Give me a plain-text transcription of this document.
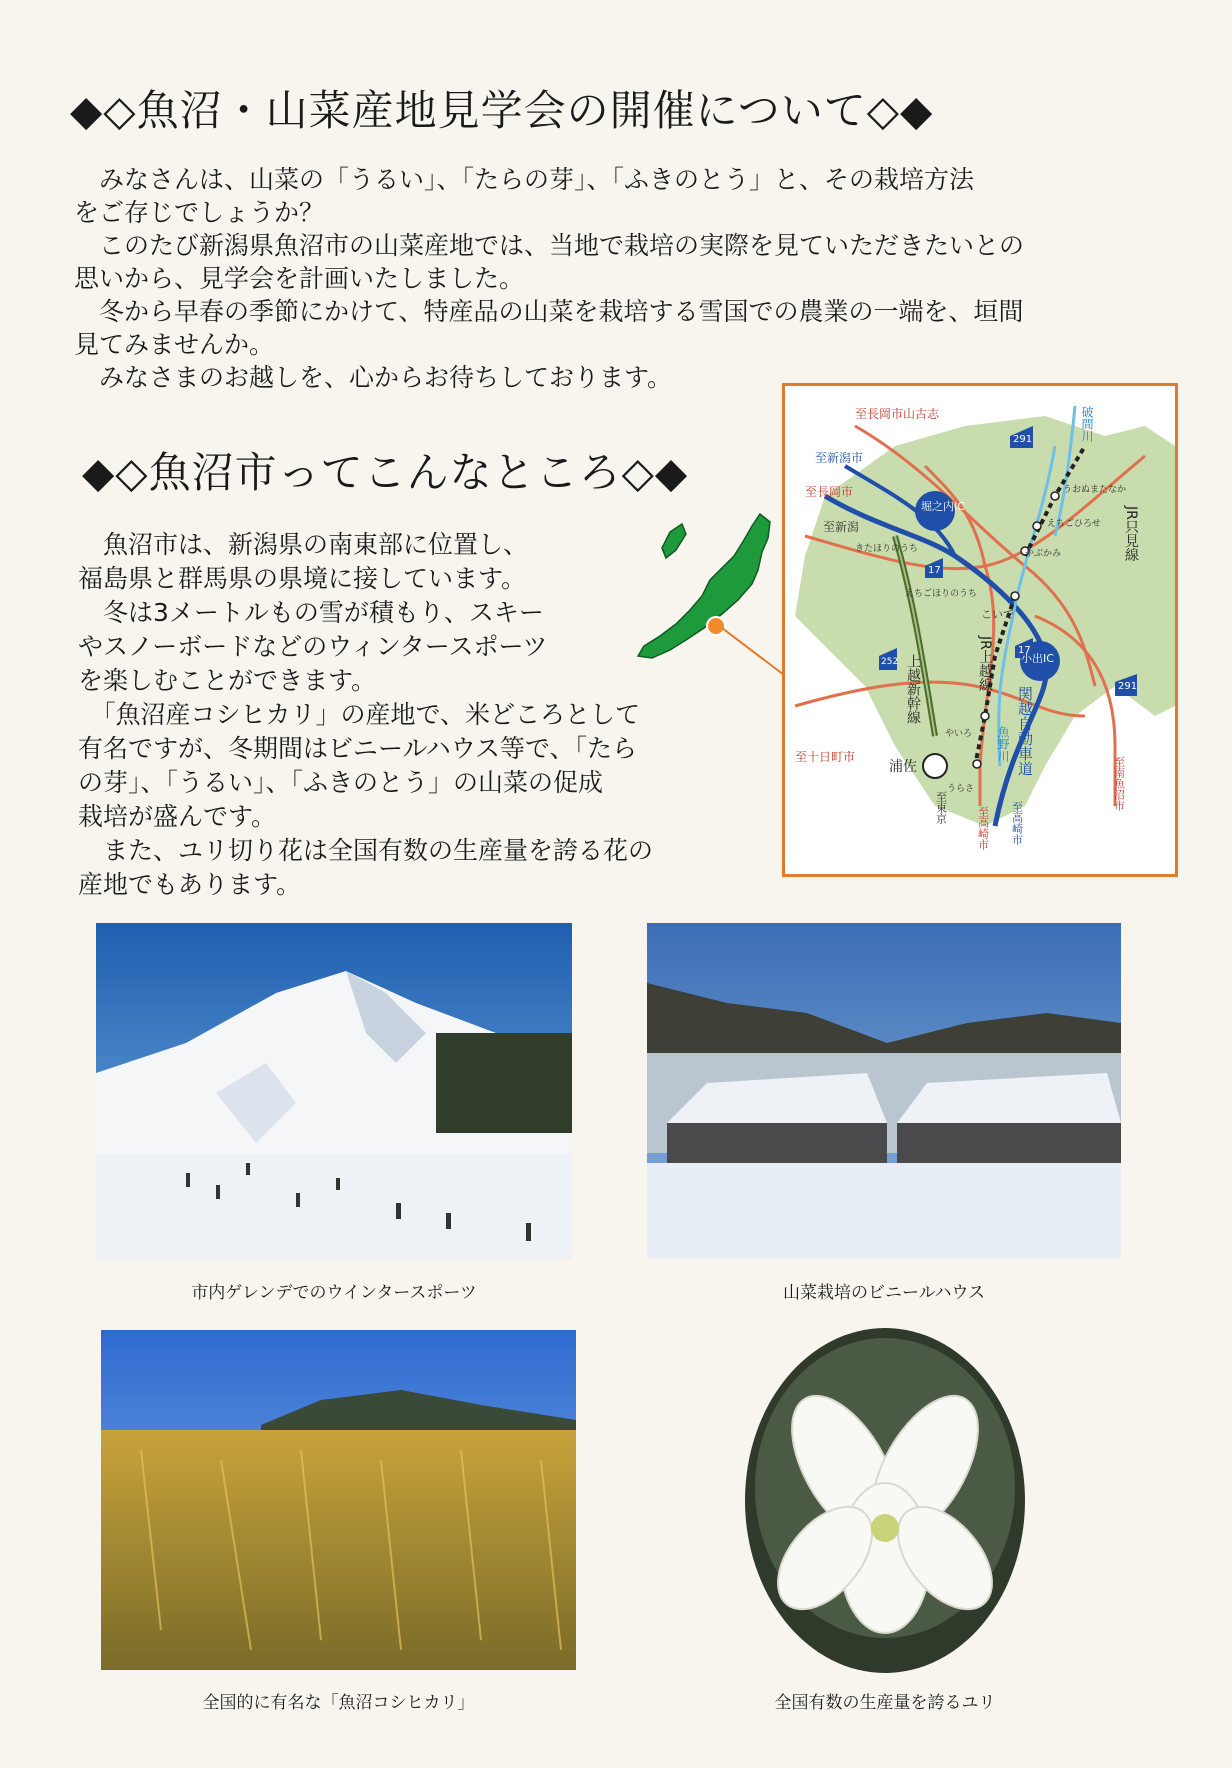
◆◇魚沼・山菜産地見学会の開催について◇◆

　みなさんは、山菜の「うるい」、「たらの芽」、「ふきのとう」と、その栽培方法
をご存じでしょうか？
　このたび新潟県魚沼市の山菜産地では、当地で栽培の実際を見ていただきたいとの
思いから、見学会を計画いたしました。
　冬から早春の季節にかけて、特産品の山菜を栽培する雪国での農業の一端を、垣間
見てみませんか。
　みなさまのお越しを、心からお待ちしております。

◆◇魚沼市ってこんなところ◇◆

　魚沼市は、新潟県の南東部に位置し、
福島県と群馬県の県境に接しています。
　冬は3メートルもの雪が積もり、スキー
やスノーボードなどのウィンタースポーツ
を楽しむことができます。
　「魚沼産コシヒカリ」の産地で、米どころとして
有名ですが、冬期間はビニールハウス等で、「たら
の芽」、「うるい」、「ふきのとう」の山菜の促成
栽培が盛んです。
　また、ユリ切り花は全国有数の生産量を誇る花の
産地でもあります。

至長岡市山古志
至新潟市
至長岡市
至新潟
至十日町市
浦佐
堀之内IC
小出IC
きたほりのうち
えちごほりのうち
こいで
やぶかみ
えちごひろせ
うおぬまたなか
やいろ
うらさ
291
17
17
252
291
JR只見線
JR上越線
上越新幹線	関越自動車道
魚野川
破間川
至高崎市 至高崎市
至東京	至南魚沼市
市内ゲレンデでのウインタースポーツ	山菜栽培のビニールハウス
全国的に有名な「魚沼コシヒカリ」	全国有数の生産量を誇るユリ
